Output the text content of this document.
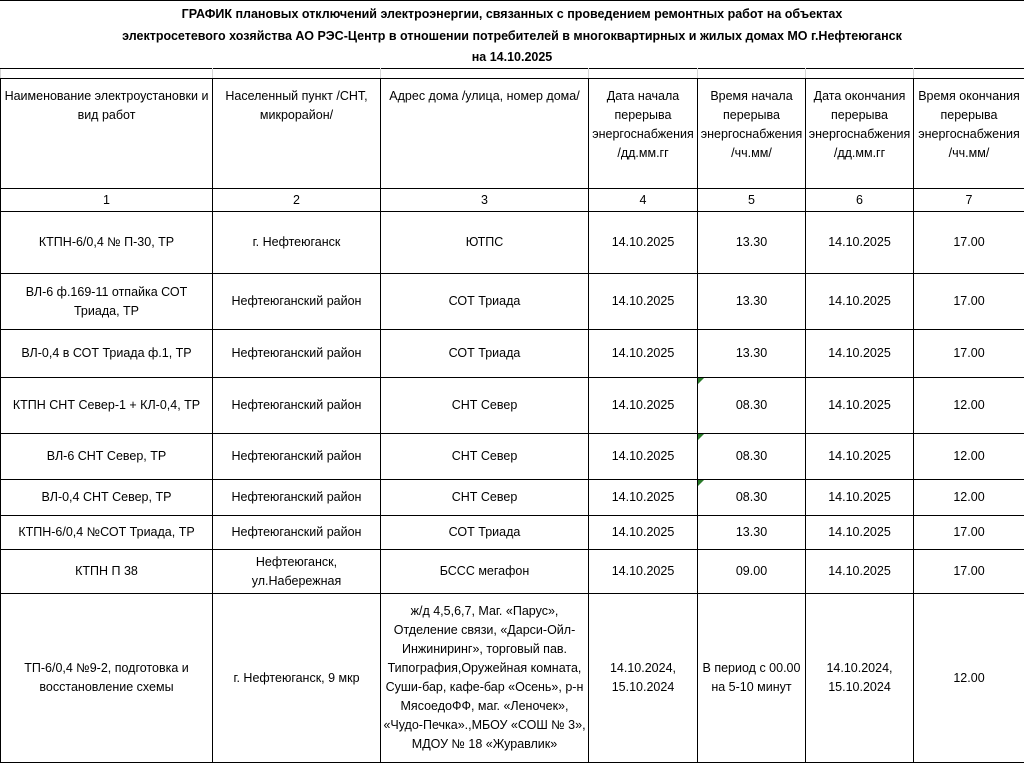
ГРАФИК плановых отключений электроэнергии, связанных с проведением ремонтных работ на объектах
электросетевого хозяйства АО РЭС-Центр в отношении потребителей в многоквартирных и жилых домах МО г.Нефтеюганск
на 14.10.2025

Наименование электроустановки и вид работ	Населенный пункт /СНТ, микрорайон/	Адрес дома /улица, номер дома/	Дата начала перерыва энергоснабжения /дд.мм.гг	Время начала перерыва энергоснабжения /чч.мм/	Дата окончания перерыва энергоснабжения /дд.мм.гг	Время окончания перерыва энергоснабжения /чч.мм/
1	2	3	4	5	6	7
КТПН-6/0,4 № П-30, ТР	г. Нефтеюганск	ЮТПС	14.10.2025	13.30	14.10.2025	17.00
ВЛ-6 ф.169-11 отпайка СОТ Триада, ТР	Нефтеюганский район	СОТ Триада	14.10.2025	13.30	14.10.2025	17.00
ВЛ-0,4 в СОТ Триада ф.1, ТР	Нефтеюганский район	СОТ Триада	14.10.2025	13.30	14.10.2025	17.00
КТПН СНТ Север-1 + КЛ-0,4, ТР	Нефтеюганский район	СНТ Север	14.10.2025	08.30	14.10.2025	12.00
ВЛ-6 СНТ Север, ТР	Нефтеюганский район	СНТ Север	14.10.2025	08.30	14.10.2025	12.00
ВЛ-0,4 СНТ Север, ТР	Нефтеюганский район	СНТ Север	14.10.2025	08.30	14.10.2025	12.00
КТПН-6/0,4 №СОТ Триада, ТР	Нефтеюганский район	СОТ Триада	14.10.2025	13.30	14.10.2025	17.00
КТПН П 38	Нефтеюганск, ул.Набережная	БСCC мегафон	14.10.2025	09.00	14.10.2025	17.00
ТП-6/0,4 №9-2, подготовка и восстановление схемы	г. Нефтеюганск, 9 мкр	ж/д 4,5,6,7, Маг. «Парус», Отделение связи, «Дарси-Ойл-Инжиниринг», торговый пав. Типография,Оружейная комната, Суши-бар, кафе-бар «Осень», р-н МясоедоФФ, маг. «Леночек», «Чудо-Печка».,МБОУ «СОШ № 3», МДОУ № 18 «Журавлик»	14.10.2024, 15.10.2024	В период с 00.00 на 5-10 минут	14.10.2024, 15.10.2024	12.00
